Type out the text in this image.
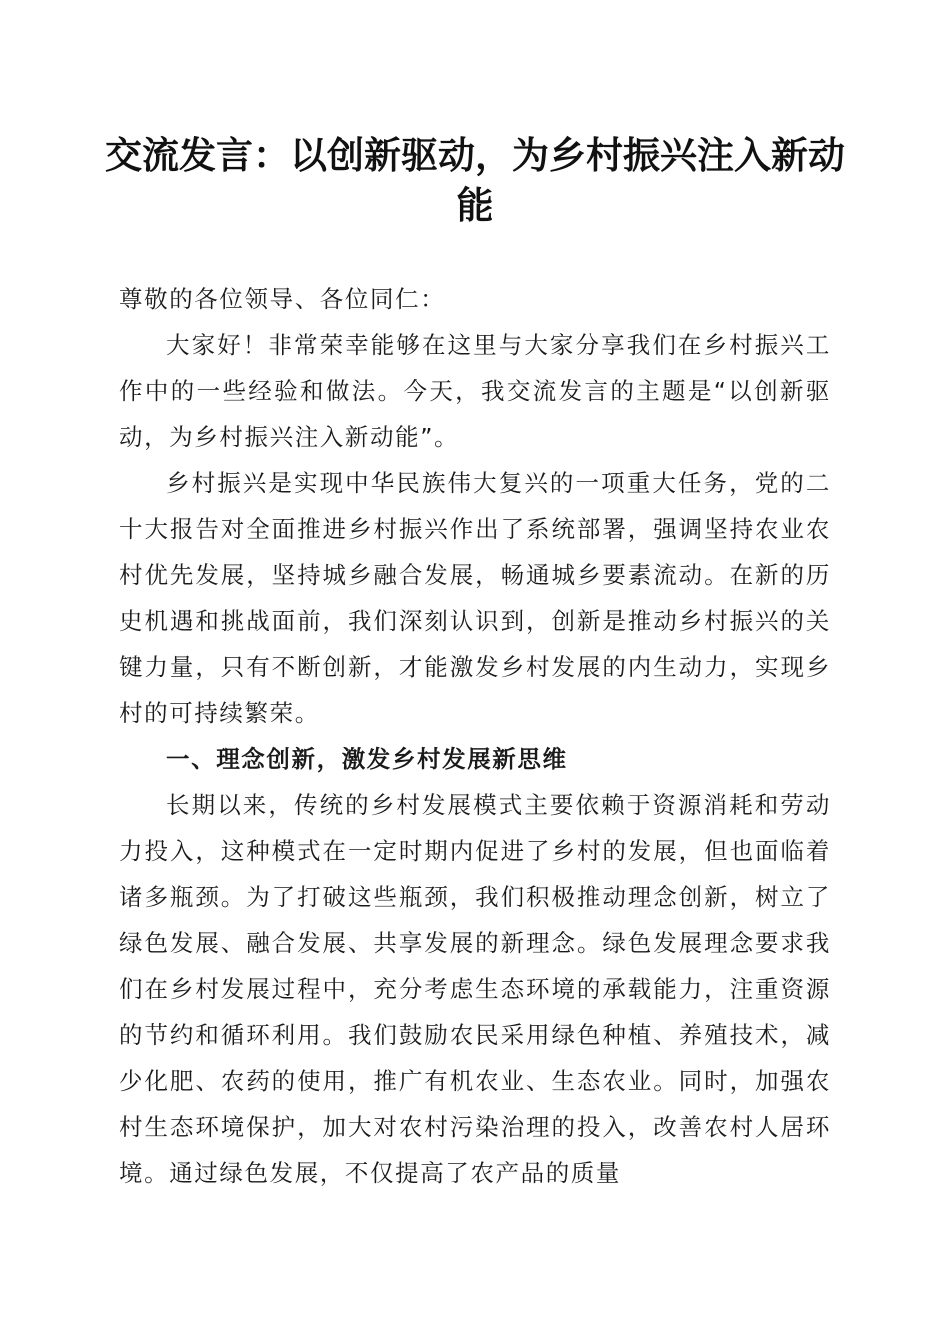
交流发言：以创新驱动，为乡村振兴注入新动能

尊敬的各位领导、各位同仁：

大家好！非常荣幸能够在这里与大家分享我们在乡村振兴工作中的一些经验和做法。今天，我交流发言的主题是“以创新驱动，为乡村振兴注入新动能”。

乡村振兴是实现中华民族伟大复兴的一项重大任务，党的二十大报告对全面推进乡村振兴作出了系统部署，强调坚持农业农村优先发展，坚持城乡融合发展，畅通城乡要素流动。在新的历史机遇和挑战面前，我们深刻认识到，创新是推动乡村振兴的关键力量，只有不断创新，才能激发乡村发展的内生动力，实现乡村的可持续繁荣。

一、理念创新，激发乡村发展新思维

长期以来，传统的乡村发展模式主要依赖于资源消耗和劳动力投入，这种模式在一定时期内促进了乡村的发展，但也面临着诸多瓶颈。为了打破这些瓶颈，我们积极推动理念创新，树立了绿色发展、融合发展、共享发展的新理念。绿色发展理念要求我们在乡村发展过程中，充分考虑生态环境的承载能力，注重资源的节约和循环利用。我们鼓励农民采用绿色种植、养殖技术，减少化肥、农药的使用，推广有机农业、生态农业。同时，加强农村生态环境保护，加大对农村污染治理的投入，改善农村人居环境。通过绿色发展，不仅提高了农产品的质量
